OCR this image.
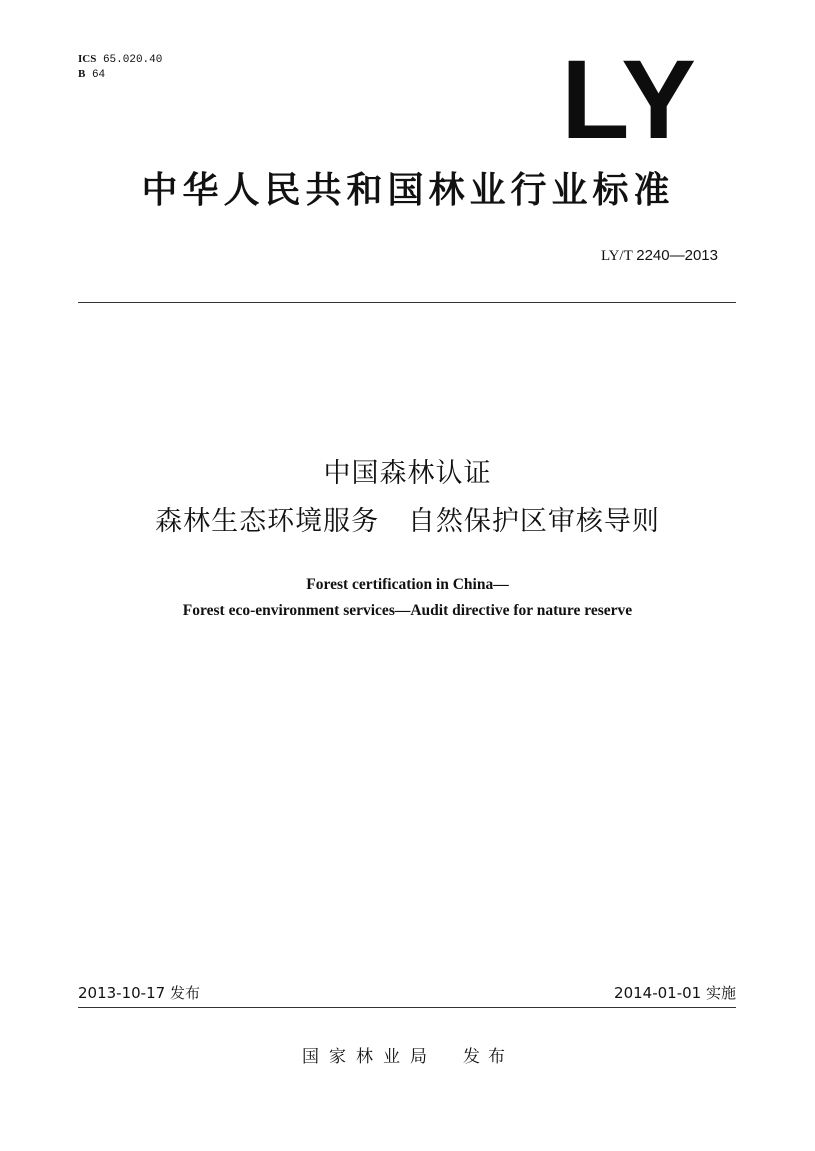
ICS 65.020.40
B 64	LY
中华人民共和国林业行业标准
LY/T 2240—2013
中国森林认证
森林生态环境服务   自然保护区审核导则
Forest certification in China—
Forest eco-environment services—Audit directive for nature reserve
2013-10-17 发布	2014-01-01 实施
国家林业局 发布
